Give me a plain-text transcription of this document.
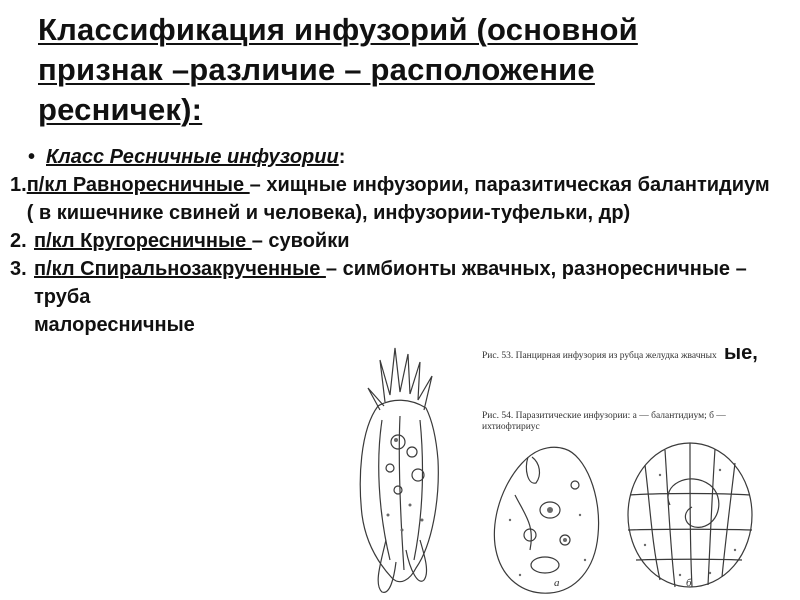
Классификация инфузорий (основной признак –различие – расположение ресничек):
• Класс Ресничные инфузории:
1. п/кл Равноресничные – хищные инфузории, паразитическая балантидиум ( в кишечнике свиней и человека), инфузории-туфельки, др)
2. п/кл Кругоресничные – сувойки
3. п/кл Спиральнозакрученные – симбионты жвачных, разноресничные – труба
малоресничные
Рис. 53. Панцирная инфузория из рубца желудка жвачных
Рис. 54. Паразитические инфузории: а — балантидиум; б — ихтиофтириус
а	б
ые,
